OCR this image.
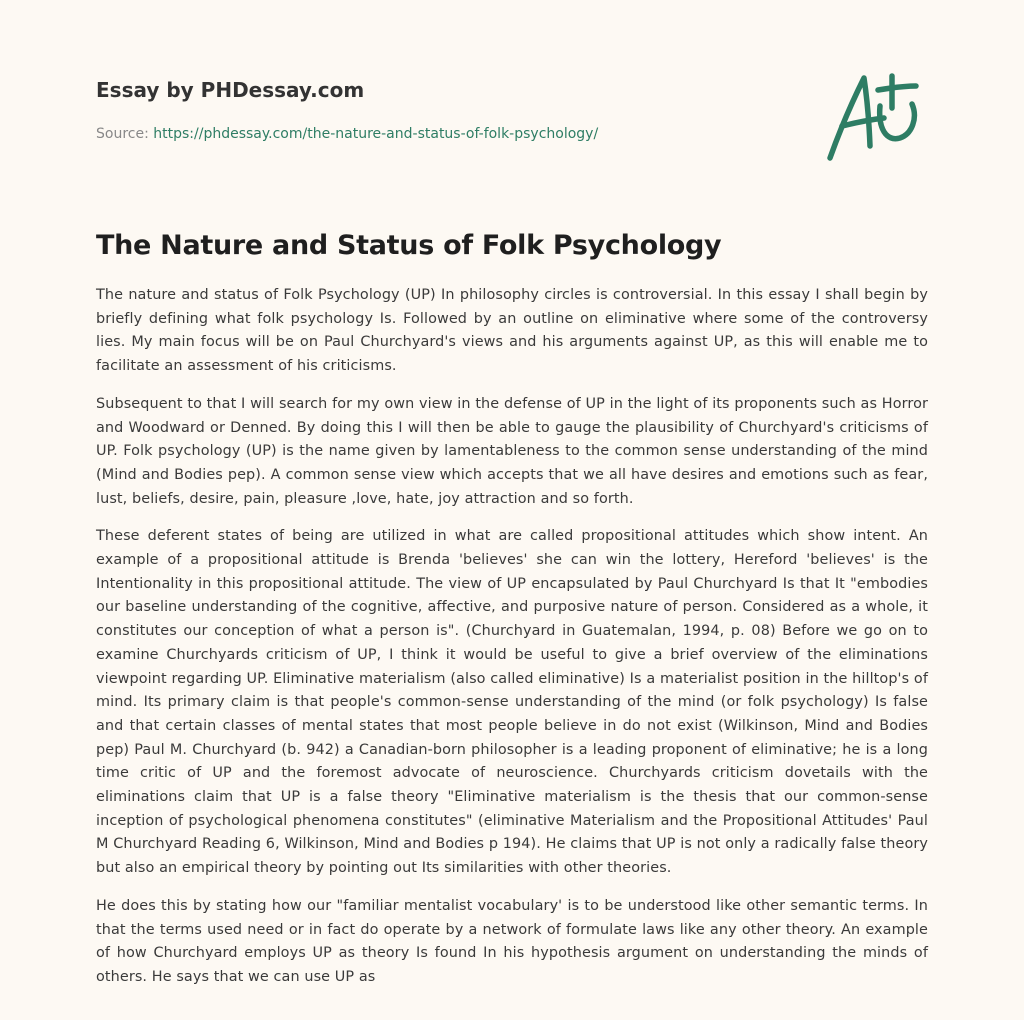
Essay by PHDessay.com
Source: https://phdessay.com/the-nature-and-status-of-folk-psychology/
The Nature and Status of Folk Psychology

The nature and status of Folk Psychology (UP) In philosophy circles is controversial. In this essay I shall begin by briefly defining what folk psychology Is. Followed by an outline on eliminative where some of the controversy lies. My main focus will be on Paul Churchyard's views and his arguments against UP, as this will enable me to facilitate an assessment of his criticisms.

Subsequent to that I will search for my own view in the defense of UP in the light of its proponents such as Horror and Woodward or Denned. By doing this I will then be able to gauge the plausibility of Churchyard's criticisms of UP. Folk psychology (UP) is the name given by lamentableness to the common sense understanding of the mind (Mind and Bodies pep). A common sense view which accepts that we all have desires and emotions such as fear, lust, beliefs, desire, pain, pleasure ,love, hate, joy attraction and so forth.

These deferent states of being are utilized in what are called propositional attitudes which show intent. An example of a propositional attitude is Brenda 'believes' she can win the lottery, Hereford 'believes' is the Intentionality in this propositional attitude. The view of UP encapsulated by Paul Churchyard Is that It "embodies our baseline understanding of the cognitive, affective, and purposive nature of person. Considered as a whole, it constitutes our conception of what a person is". (Churchyard in Guatemalan, 1994, p. 08) Before we go on to examine Churchyards criticism of UP, I think it would be useful to give a brief overview of the eliminations viewpoint regarding UP. Eliminative materialism (also called eliminative) Is a materialist position in the hilltop's of mind. Its primary claim is that people's common-sense understanding of the mind (or folk psychology) Is false and that certain classes of mental states that most people believe in do not exist (Wilkinson, Mind and Bodies pep) Paul M. Churchyard (b. 942) a Canadian-born philosopher is a leading proponent of eliminative; he is a long time critic of UP and the foremost advocate of neuroscience. Churchyards criticism dovetails with the eliminations claim that UP is a false theory "Eliminative materialism is the thesis that our common-sense inception of psychological phenomena constitutes" (eliminative Materialism and the Propositional Attitudes' Paul M Churchyard Reading 6, Wilkinson, Mind and Bodies p 194). He claims that UP is not only a radically false theory but also an empirical theory by pointing out Its similarities with other theories.

He does this by stating how our "familiar mentalist vocabulary' is to be understood like other semantic terms. In that the terms used need or in fact do operate by a network of formulate laws like any other theory. An example of how Churchyard employs UP as theory Is found In his hypothesis argument on understanding the minds of others. He says that we can use UP as
